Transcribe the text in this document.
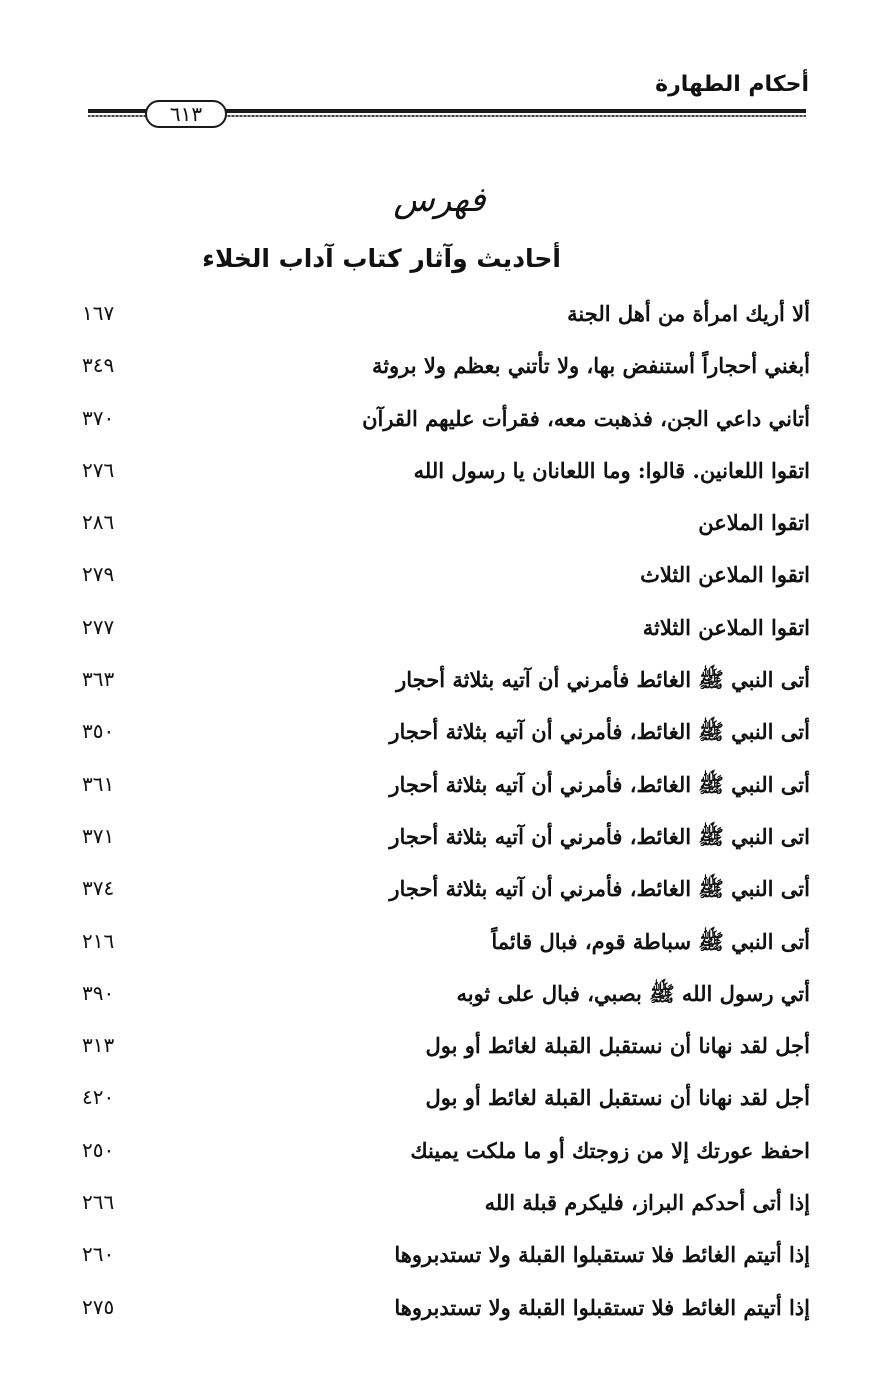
أحكام الطهارة
٦١٣
فهرس
أحاديث وآثار كتاب آداب الخلاء
ألا أريك امرأة من أهل الجنة
١٦٧
أبغني أحجاراً أستنفض بها، ولا تأتني بعظم ولا بروثة
٣٤٩
أتاني داعي الجن، فذهبت معه، فقرأت عليهم القرآن
٣٧٠
اتقوا اللعانين. قالوا: وما اللعانان يا رسول الله
٢٧٦
اتقوا الملاعن
٢٨٦
اتقوا الملاعن الثلاث
٢٧٩
اتقوا الملاعن الثلاثة
٢٧٧
أتى النبي ﷺ الغائط فأمرني أن آتيه بثلاثة أحجار
٣٦٣
أتى النبي ﷺ الغائط، فأمرني أن آتيه بثلاثة أحجار
٣٥٠
أتى النبي ﷺ الغائط، فأمرني أن آتيه بثلاثة أحجار
٣٦١
اتى النبي ﷺ الغائط، فأمرني أن آتيه بثلاثة أحجار
٣٧١
أتى النبي ﷺ الغائط، فأمرني أن آتيه بثلاثة أحجار
٣٧٤
أتى النبي ﷺ سباطة قوم، فبال قائماً
٢١٦
أتي رسول الله ﷺ بصبي، فبال على ثوبه
٣٩٠
أجل لقد نهانا أن نستقبل القبلة لغائط أو بول
٣١٣
أجل لقد نهانا أن نستقبل القبلة لغائط أو بول
٤٢٠
احفظ عورتك إلا من زوجتك أو ما ملكت يمينك
٢٥٠
إذا أتى أحدكم البراز، فليكرم قبلة الله
٢٦٦
إذا أتيتم الغائط فلا تستقبلوا القبلة ولا تستدبروها
٢٦٠
إذا أتيتم الغائط فلا تستقبلوا القبلة ولا تستدبروها
٢٧٥
